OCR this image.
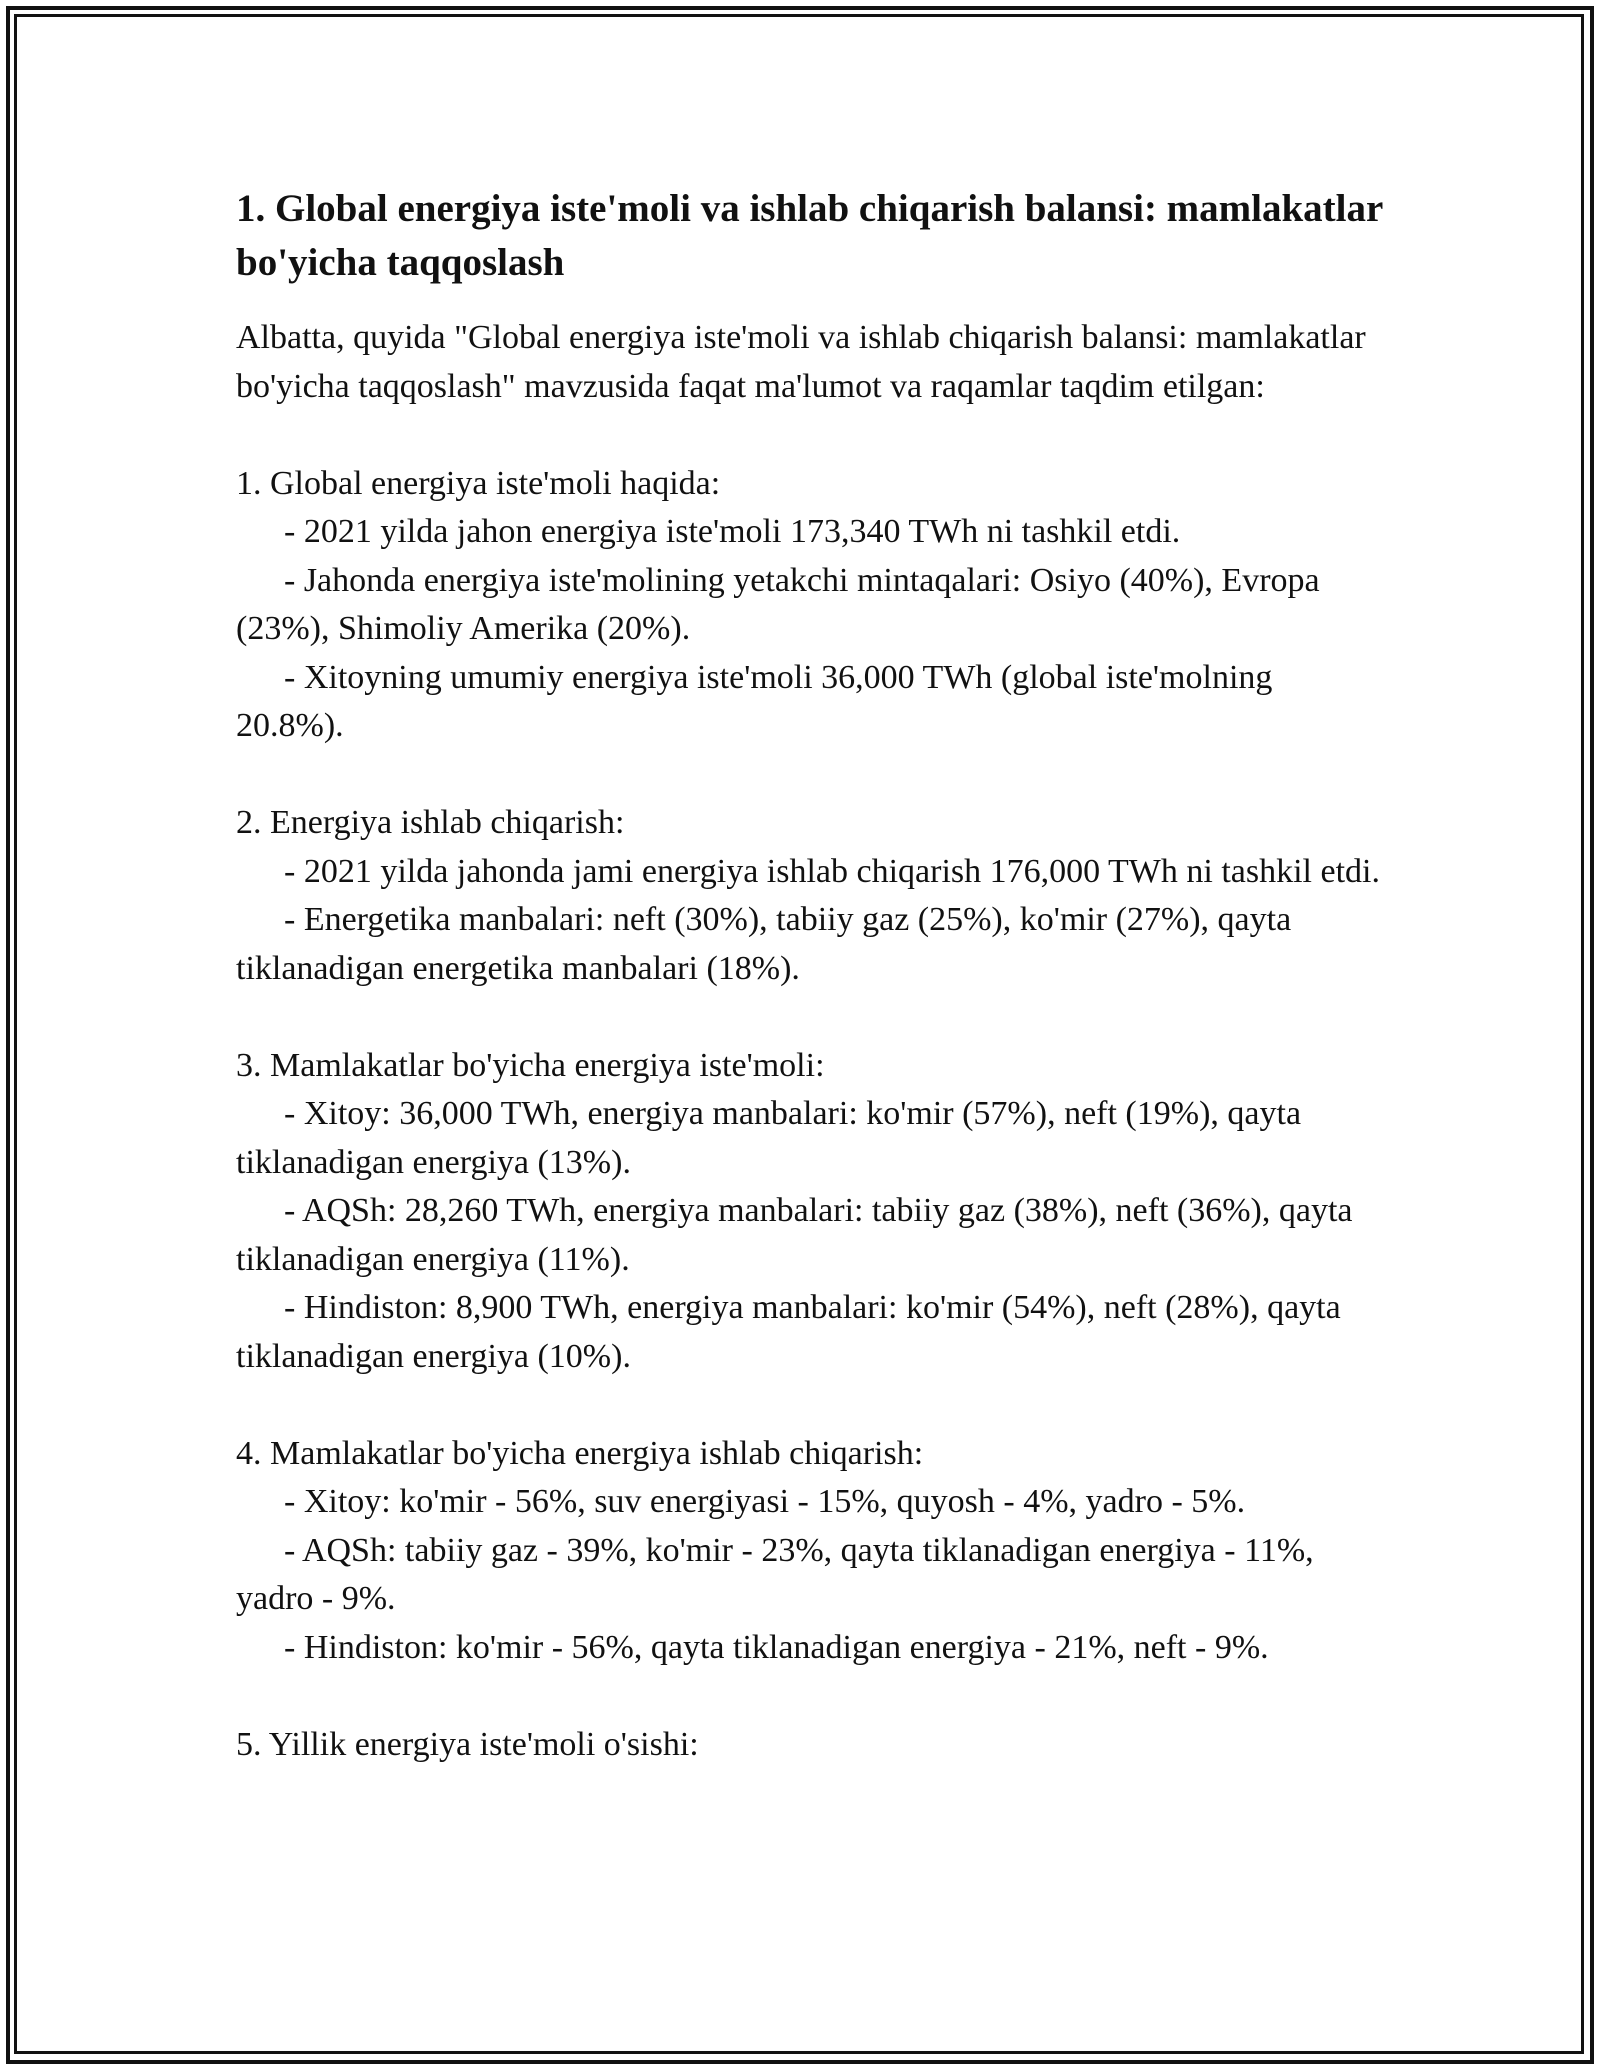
1. Global energiya iste'moli va ishlab chiqarish balansi: mamlakatlar bo'yicha taqqoslash

Albatta, quyida "Global energiya iste'moli va ishlab chiqarish balansi: mamlakatlar bo'yicha taqqoslash" mavzusida faqat ma'lumot va raqamlar taqdim etilgan:

1. Global energiya iste'moli haqida:

- 2021 yilda jahon energiya iste'moli 173,340 TWh ni tashkil etdi.

- Jahonda energiya iste'molining yetakchi mintaqalari: Osiyo (40%), Evropa (23%), Shimoliy Amerika (20%).

- Xitoyning umumiy energiya iste'moli 36,000 TWh (global iste'molning 20.8%).

2. Energiya ishlab chiqarish:

- 2021 yilda jahonda jami energiya ishlab chiqarish 176,000 TWh ni tashkil etdi.

- Energetika manbalari: neft (30%), tabiiy gaz (25%), ko'mir (27%), qayta tiklanadigan energetika manbalari (18%).

3. Mamlakatlar bo'yicha energiya iste'moli:

- Xitoy: 36,000 TWh, energiya manbalari: ko'mir (57%), neft (19%), qayta tiklanadigan energiya (13%).

- AQSh: 28,260 TWh, energiya manbalari: tabiiy gaz (38%), neft (36%), qayta tiklanadigan energiya (11%).

- Hindiston: 8,900 TWh, energiya manbalari: ko'mir (54%), neft (28%), qayta tiklanadigan energiya (10%).

4. Mamlakatlar bo'yicha energiya ishlab chiqarish:

- Xitoy: ko'mir - 56%, suv energiyasi - 15%, quyosh - 4%, yadro - 5%.

- AQSh: tabiiy gaz - 39%, ko'mir - 23%, qayta tiklanadigan energiya - 11%, yadro - 9%.

- Hindiston: ko'mir - 56%, qayta tiklanadigan energiya - 21%, neft - 9%.

5. Yillik energiya iste'moli o'sishi:
